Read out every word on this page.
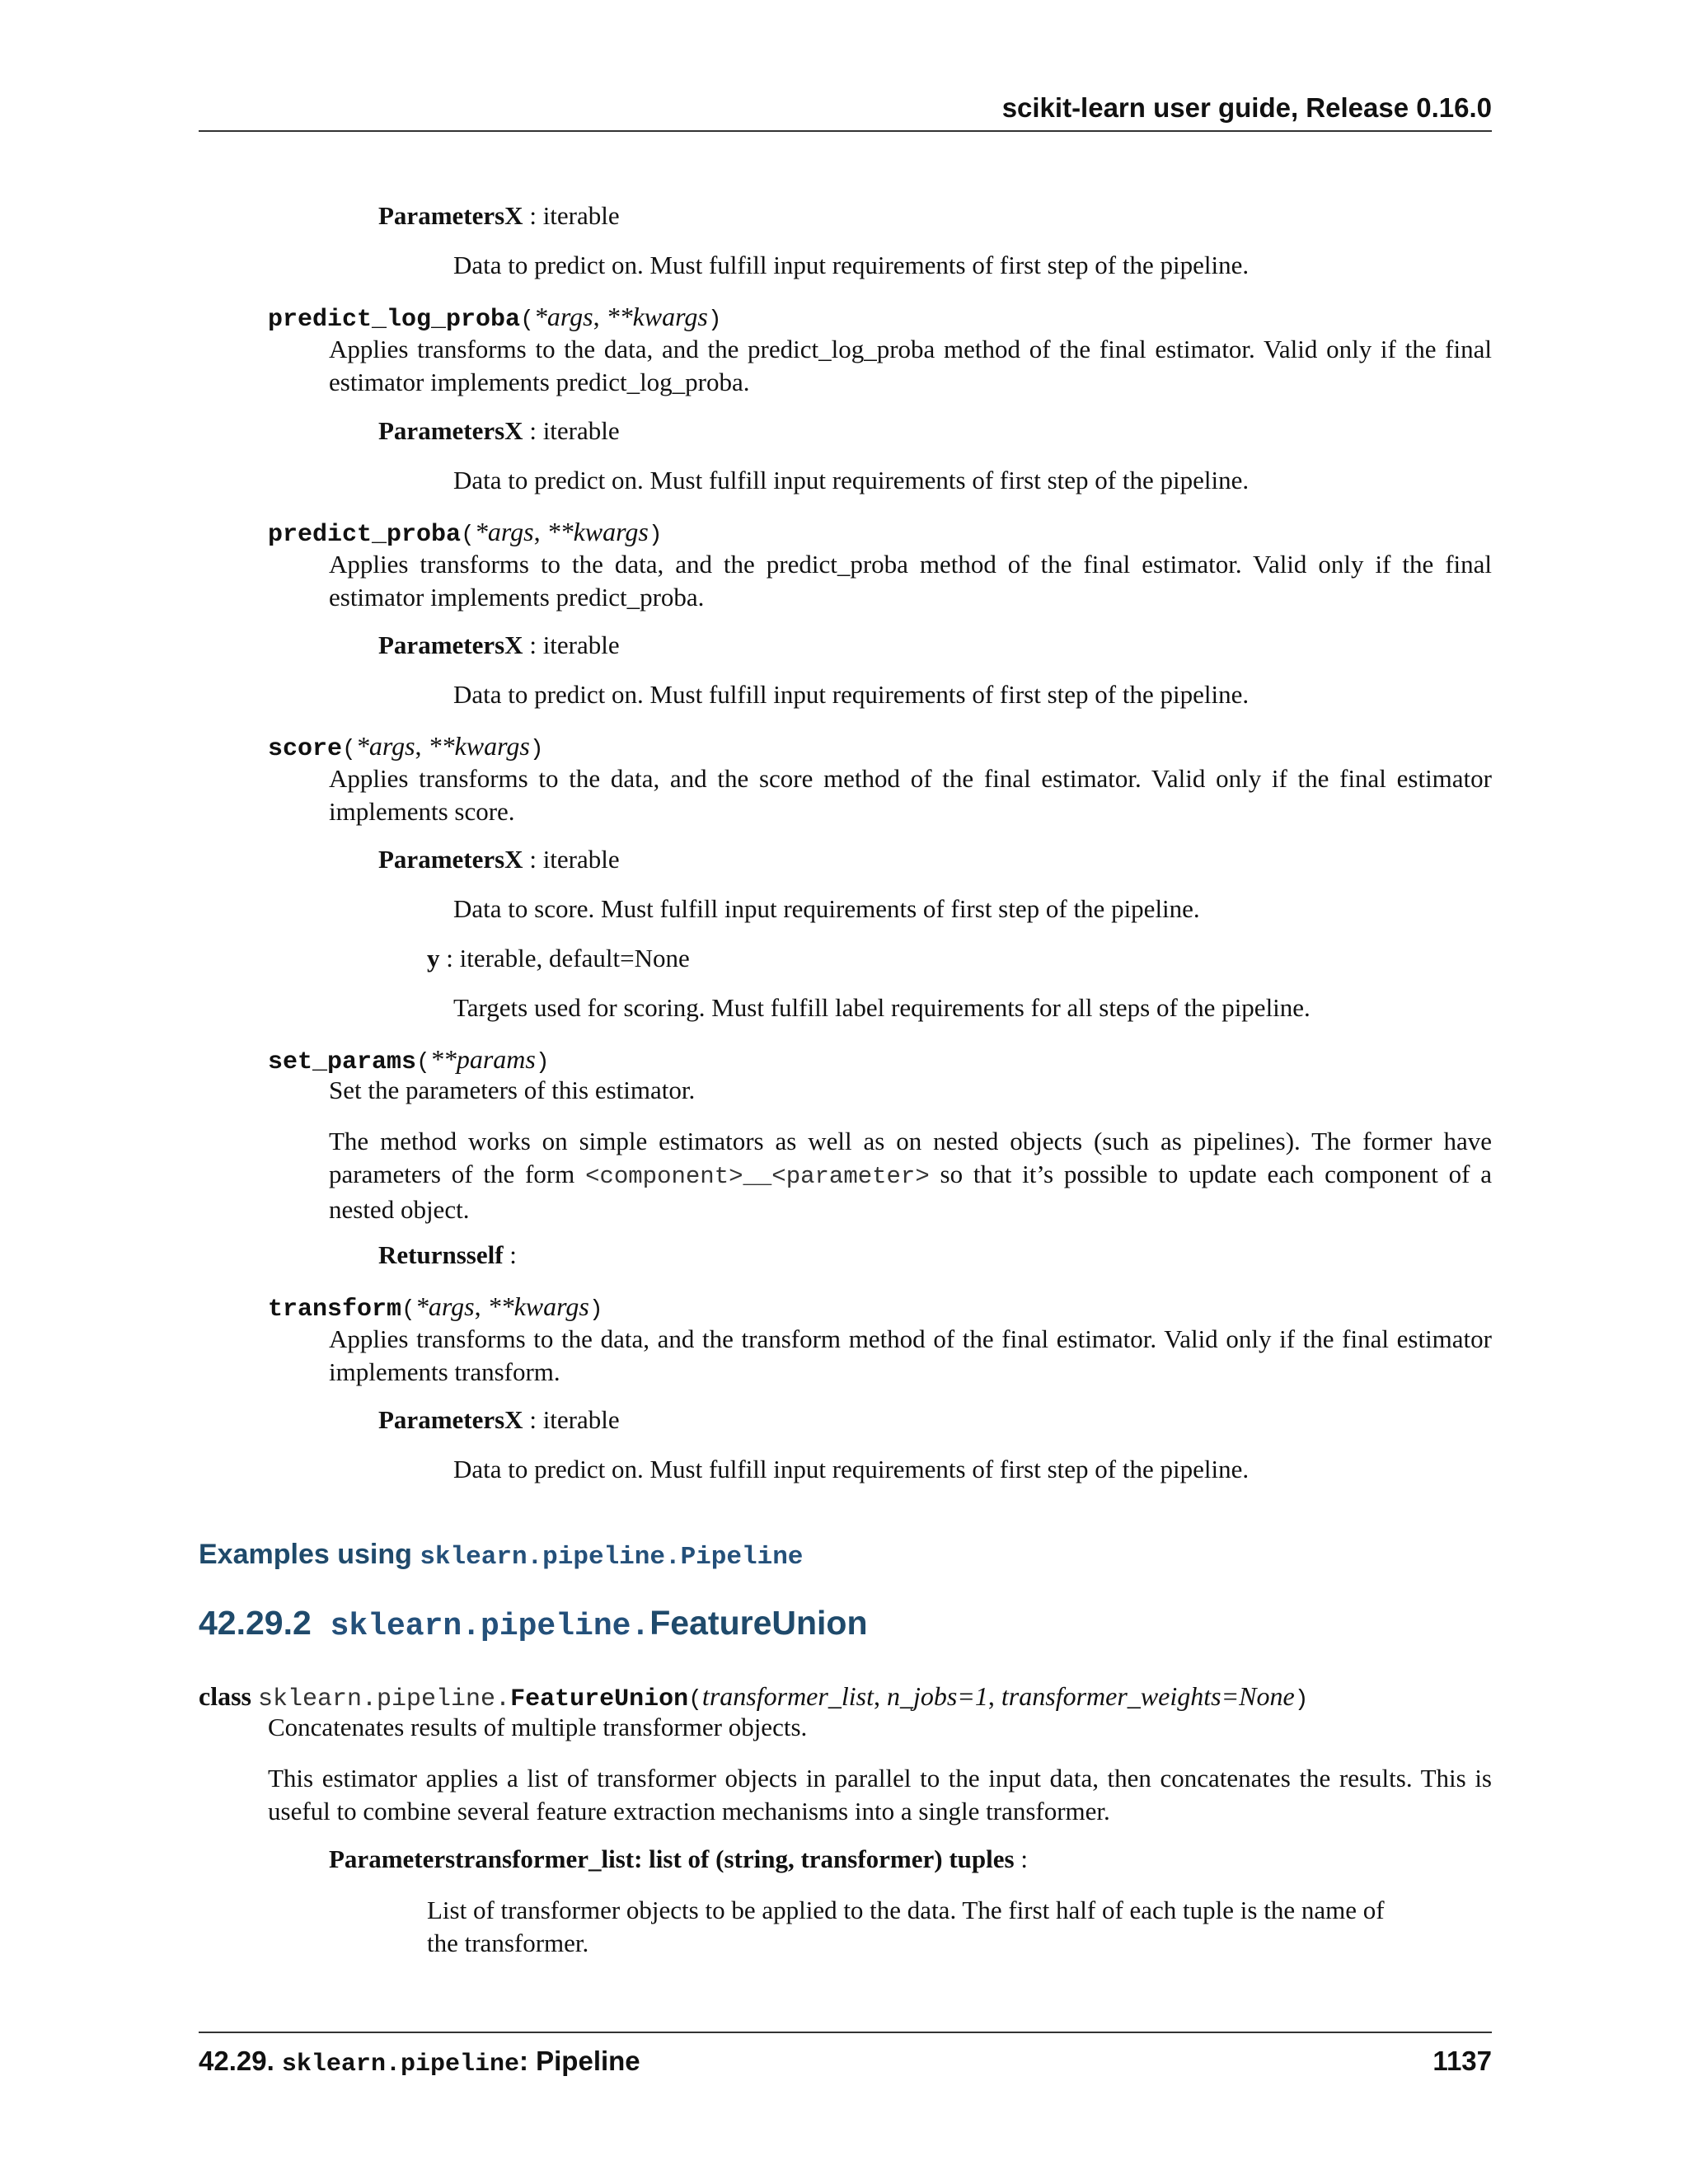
scikit-learn user guide, Release 0.16.0
ParametersX : iterable
Data to predict on. Must fulfill input requirements of first step of the pipeline.
predict_log_proba(*args, **kwargs)
Applies transforms to the data, and the predict_log_proba method of the final estimator. Valid only if the final estimator implements predict_log_proba.
ParametersX : iterable
Data to predict on. Must fulfill input requirements of first step of the pipeline.
predict_proba(*args, **kwargs)
Applies transforms to the data, and the predict_proba method of the final estimator. Valid only if the final estimator implements predict_proba.
ParametersX : iterable
Data to predict on. Must fulfill input requirements of first step of the pipeline.
score(*args, **kwargs)
Applies transforms to the data, and the score method of the final estimator. Valid only if the final estimator implements score.
ParametersX : iterable
Data to score. Must fulfill input requirements of first step of the pipeline.
y : iterable, default=None
Targets used for scoring. Must fulfill label requirements for all steps of the pipeline.
set_params(**params)
Set the parameters of this estimator.
The method works on simple estimators as well as on nested objects (such as pipelines). The former have parameters of the form <component>__<parameter> so that it’s possible to update each component of a nested object.
Returnsself :
transform(*args, **kwargs)
Applies transforms to the data, and the transform method of the final estimator. Valid only if the final estimator implements transform.
ParametersX : iterable
Data to predict on. Must fulfill input requirements of first step of the pipeline.
Examples using sklearn.pipeline.Pipeline
42.29.2 sklearn.pipeline.FeatureUnion
class sklearn.pipeline.FeatureUnion(transformer_list, n_jobs=1, transformer_weights=None)
Concatenates results of multiple transformer objects.
This estimator applies a list of transformer objects in parallel to the input data, then concatenates the results. This is useful to combine several feature extraction mechanisms into a single transformer.
Parameterstransformer_list: list of (string, transformer) tuples :
List of transformer objects to be applied to the data. The first half of each tuple is the name of the transformer.
42.29. sklearn.pipeline: Pipeline	1137
